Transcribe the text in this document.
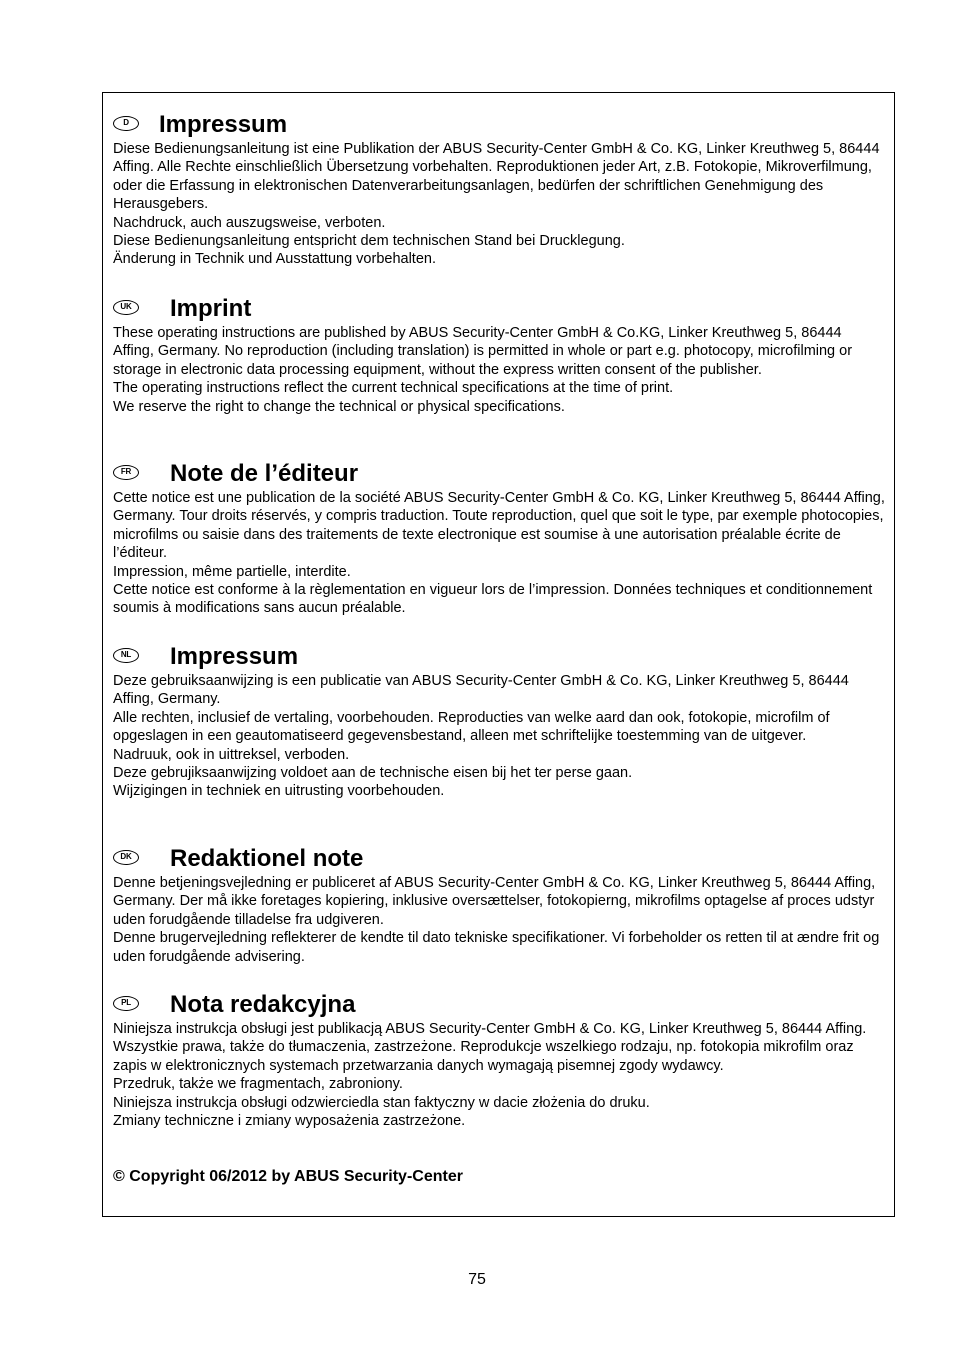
D	Impressum

Diese Bedienungsanleitung ist eine Publikation der ABUS Security-Center GmbH & Co. KG, Linker Kreuthweg 5, 86444 Affing. Alle Rechte einschließlich Übersetzung vorbehalten. Reproduktionen jeder Art, z.B. Fotokopie, Mikroverfilmung, oder die Erfassung in elektronischen Datenverarbeitungsanlagen, bedürfen der schriftlichen Genehmigung des Herausgebers.

Nachdruck, auch auszugsweise, verboten.

Diese Bedienungsanleitung entspricht dem technischen Stand bei Drucklegung.

Änderung in Technik und Ausstattung vorbehalten.

UK	Imprint

These operating instructions are published by ABUS Security-Center GmbH & Co.KG, Linker Kreuthweg 5, 86444 Affing, Germany. No reproduction (including translation) is permitted in whole or part e.g. photocopy, microfilming or storage in electronic data processing equipment, without the express written consent of the publisher.

The operating instructions reflect the current technical specifications at the time of print.

We reserve the right to change the technical or physical specifications.

FR	Note de l’éditeur

Cette notice est une publication de la société ABUS Security-Center GmbH & Co. KG, Linker Kreuthweg 5, 86444 Affing, Germany. Tour droits réservés, y compris traduction. Toute reproduction, quel que soit le type, par exemple photocopies, microfilms ou saisie dans des traitements de texte electronique est soumise à une autorisation préalable écrite de l’éditeur.

Impression, même partielle, interdite.

Cette notice est conforme à la règlementation en vigueur lors de l’impression. Données techniques et conditionnement soumis à modifications sans aucun préalable.

NL	Impressum

Deze gebruiksaanwijzing is een publicatie van ABUS Security-Center GmbH & Co. KG, Linker Kreuthweg 5, 86444 Affing, Germany.

Alle rechten, inclusief de vertaling, voorbehouden. Reproducties van welke aard dan ook, fotokopie, microfilm of opgeslagen in een geautomatiseerd gegevensbestand, alleen met schriftelijke toestemming van de uitgever.

Nadruuk, ook in uittreksel, verboden.

Deze gebrujiksaanwijzing voldoet aan de technische eisen bij het ter perse gaan.

Wijzigingen in techniek en uitrusting voorbehouden.

DK	Redaktionel note

Denne betjeningsvejledning er publiceret af ABUS Security-Center GmbH & Co. KG, Linker Kreuthweg 5, 86444 Affing, Germany. Der må ikke foretages kopiering, inklusive oversættelser, fotokopierng, mikrofilms optagelse af proces udstyr uden forudgående tilladelse fra udgiveren.

Denne brugervejledning reflekterer de kendte til dato tekniske specifikationer. Vi forbeholder os retten til at ændre frit og uden forudgående advisering.

PL	Nota redakcyjna

Niniejsza instrukcja obsługi jest publikacją ABUS Security-Center GmbH & Co. KG, Linker Kreuthweg 5, 86444 Affing. Wszystkie prawa, także do tłumaczenia, zastrzeżone. Reprodukcje wszelkiego rodzaju, np. fotokopia mikrofilm oraz zapis w elektronicznych systemach przetwarzania danych wymagają pisemnej zgody wydawcy.

Przedruk, także we fragmentach, zabroniony.

Niniejsza instrukcja obsługi odzwierciedla stan faktyczny w dacie złożenia do druku.

Zmiany techniczne i zmiany wyposażenia zastrzeżone.

© Copyright 06/2012 by ABUS Security-Center
75
